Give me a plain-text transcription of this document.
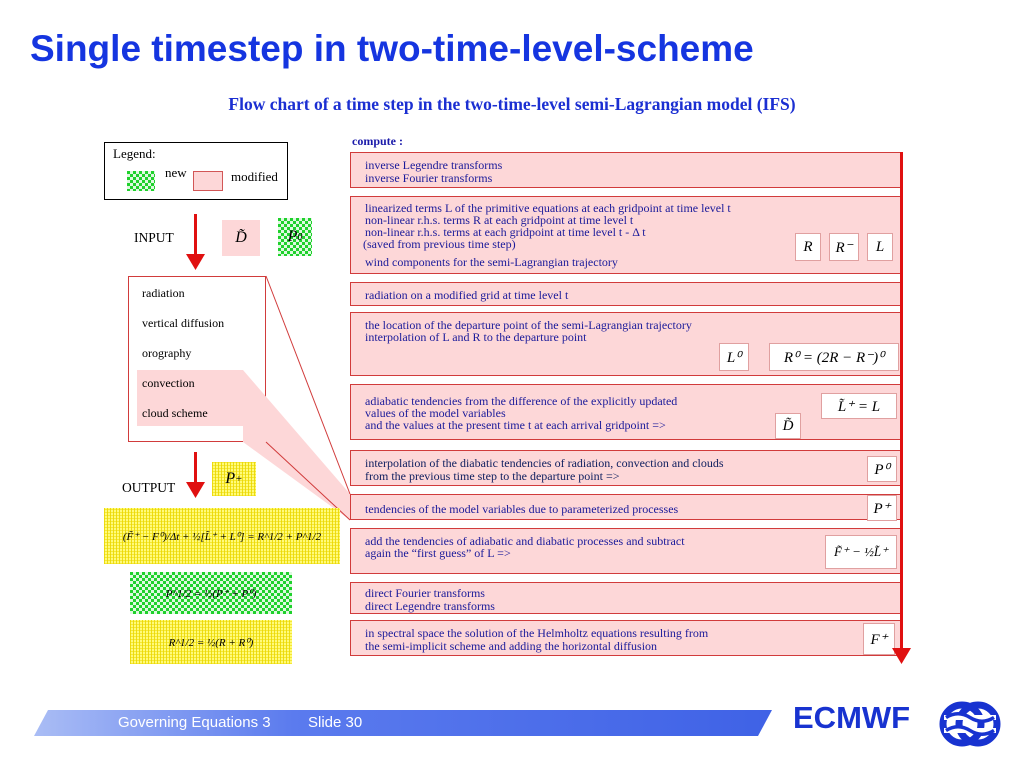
Single timestep in two-time-level-scheme
Flow chart of a time step in the two-time-level semi-Lagrangian model (IFS)
Legend:
new	modified
INPUT	D̃	P 0
radiation
vertical diffusion
orography
convection
cloud scheme
OUTPUT
P +
(F̃⁺ − F⁰)/Δt + ½[L̃⁺ + L⁰] = R^1/2 + P^1/2
P^1/2 = ½(P⁺ + P⁰)
R^1/2 = ½(R + R⁰)
compute :
inverse Legendre transforms
inverse Fourier transforms
linearized terms L of the primitive equations at each gridpoint at time level t
non-linear r.h.s. terms R at each gridpoint at time level t
non-linear r.h.s. terms at each gridpoint at time level t - Δ t
(saved from previous time step)
wind components for the semi-Lagrangian trajectory
R R⁻ L
radiation on a modified grid at time level t
the location of the departure point of the semi-Lagrangian trajectory
interpolation of L and R to the departure point
L⁰	R⁰ = (2R − R⁻)⁰
adiabatic tendencies from the difference of the explicitly updated
values of the model variables
and the values at the present time t at each arrival gridpoint =>
L̃⁺ = L
D̃
interpolation of the diabatic tendencies of radiation, convection and clouds
from the previous time step to the departure point =>	P⁰
tendencies of the model variables due to parameterized processes	P⁺
add the tendencies of adiabatic and diabatic processes and subtract
again the “first guess” of L =>	F̃⁺ − ½L̃⁺
direct Fourier transforms
direct Legendre transforms
in spectral space the solution of the Helmholtz equations resulting from
the semi-implicit scheme and adding the horizontal diffusion	F⁺
Governing Equations 3 Slide 30	ECMWF
